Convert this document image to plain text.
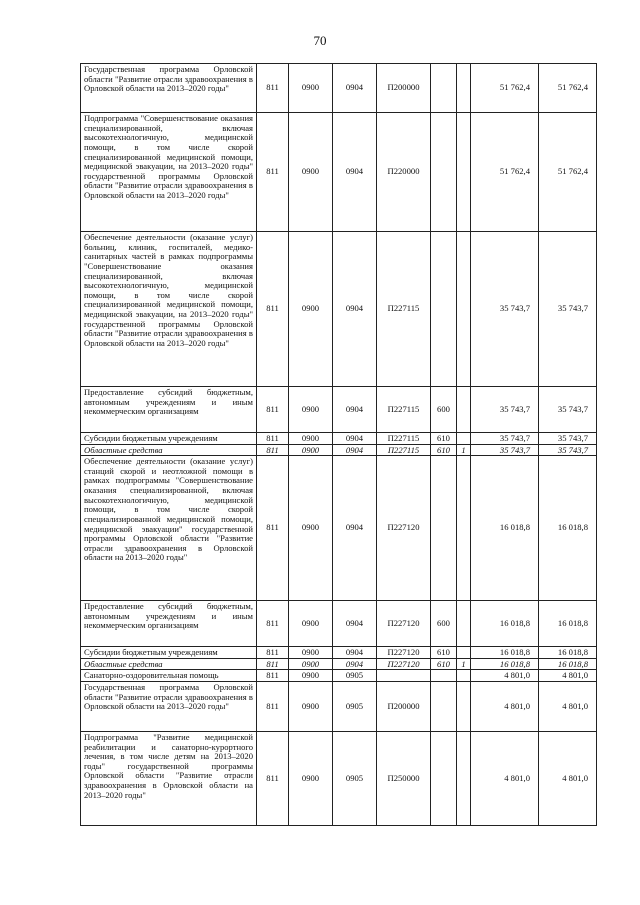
70
Государственная программа Орловской области "Развитие отрасли здравоохранения в Орловской области на 2013–2020 годы"	811	0900	0904	П200000			51 762,4	51 762,4
Подпрограмма "Совершенствование оказания специализированной, включая высокотехнологичную, медицинской помощи, в том числе скорой специализированной медицинской помощи, медицинской эвакуации, на 2013–2020 годы" государственной программы Орловской области "Развитие отрасли здравоохранения в Орловской области на 2013–2020 годы"	811	0900	0904	П220000			51 762,4	51 762,4
Обеспечение деятельности (оказание услуг) больниц, клиник, госпиталей, медико-санитарных частей в рамках подпрограммы "Совершенствование оказания специализированной, включая высокотехнологичную, медицинской помощи, в том числе скорой специализированной медицинской помощи, медицинской эвакуации, на 2013–2020 годы" государственной программы Орловской области "Развитие отрасли здравоохранения в Орловской области на 2013–2020 годы"	811	0900	0904	П227115			35 743,7	35 743,7
Предоставление субсидий бюджетным, автономным учреждениям и иным некоммерческим организациям	811	0900	0904	П227115	600		35 743,7	35 743,7
Субсидии бюджетным учреждениям	811	0900	0904	П227115	610		35 743,7	35 743,7
Областные средства	811	0900	0904	П227115	610	1	35 743,7	35 743,7
Обеспечение деятельности (оказание услуг) станций скорой и неотложной помощи в рамках подпрограммы "Совершенствование оказания специализированной, включая высокотехнологичную, медицинской помощи, в том числе скорой специализированной медицинской помощи, медицинской эвакуации" государственной программы Орловской области "Развитие отрасли здравоохранения в Орловской области на 2013–2020 годы"	811	0900	0904	П227120			16 018,8	16 018,8
Предоставление субсидий бюджетным, автономным учреждениям и иным некоммерческим организациям	811	0900	0904	П227120	600		16 018,8	16 018,8
Субсидии бюджетным учреждениям	811	0900	0904	П227120	610		16 018,8	16 018,8
Областные средства	811	0900	0904	П227120	610	1	16 018,8	16 018,8
Санаторно-оздоровительная помощь	811	0900	0905				4 801,0	4 801,0
Государственная программа Орловской области "Развитие отрасли здравоохранения в Орловской области на 2013–2020 годы"	811	0900	0905	П200000			4 801,0	4 801,0
Подпрограмма "Развитие медицинской реабилитации и санаторно-курортного лечения, в том числе детям на 2013–2020 годы" государственной программы Орловской области "Развитие отрасли здравоохранения в Орловской области на 2013–2020 годы"	811	0900	0905	П250000			4 801,0	4 801,0
